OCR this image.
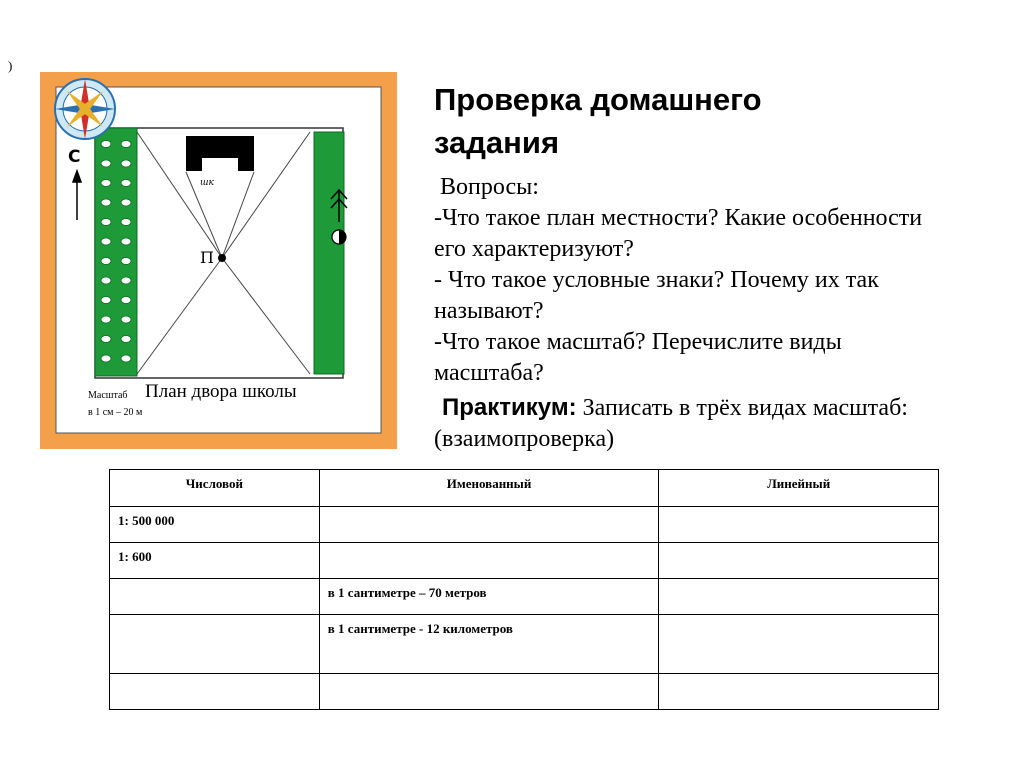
)
шк
П
С
План двора школы
Масштаб
в 1 см – 20 м
Проверка домашнего
задания
Вопросы:
-Что такое план местности? Какие особенности
его характеризуют?
- Что такое условные знаки? Почему их так
называют?
-Что такое масштаб? Перечислите виды
масштаба?
Практикум: Записать в трёх видах масштаб:
(взаимопроверка)
Числовой	Именованный	Линейный
1: 500 000		
1: 600		
	в 1 сантиметре – 70 метров	
	в 1 сантиметре - 12 километров	
